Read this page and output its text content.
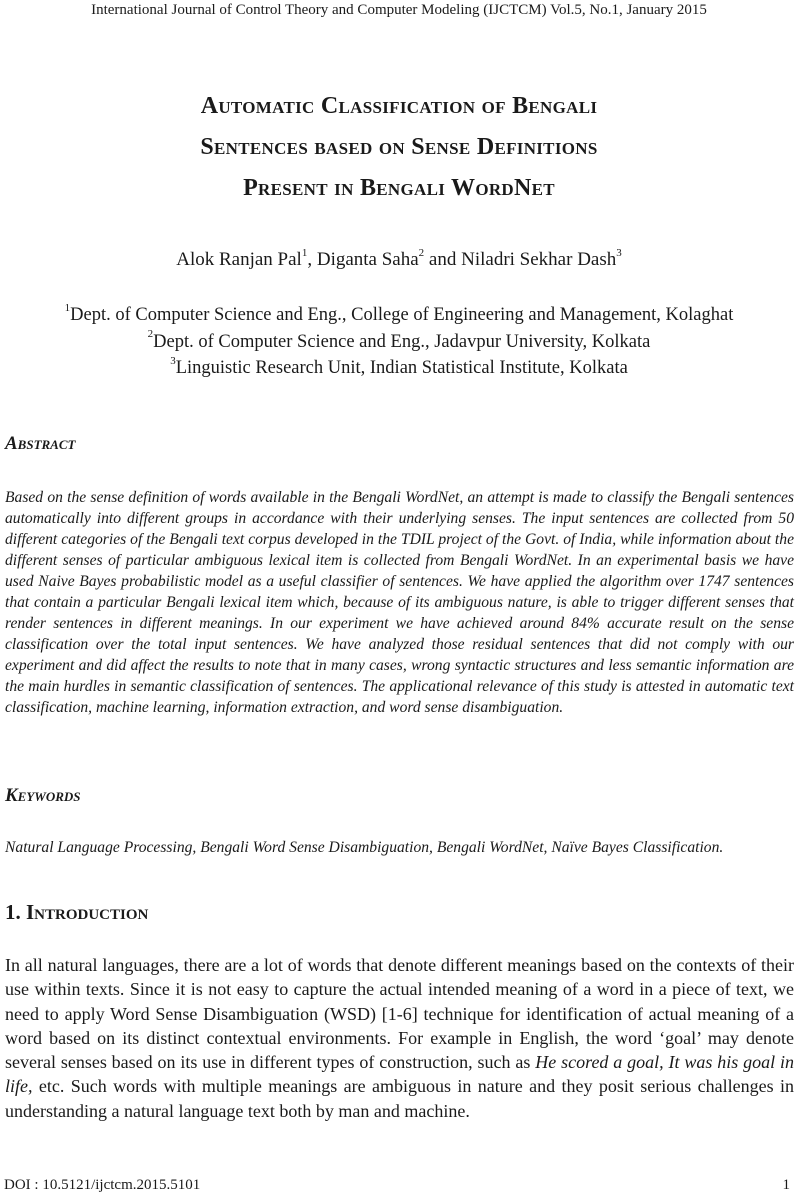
International Journal of Control Theory and Computer Modeling (IJCTCM) Vol.5, No.1, January 2015
Automatic Classification of Bengali
Sentences based on Sense Definitions
Present in Bengali WordNet
Alok Ranjan Pal$^1$, Diganta Saha$^2$ and Niladri Sekhar Dash$^3$
$^1$Dept. of Computer Science and Eng., College of Engineering and Management, Kolaghat
$^2$Dept. of Computer Science and Eng., Jadavpur University, Kolkata
$^3$Linguistic Research Unit, Indian Statistical Institute, Kolkata
Abstract
Based on the sense definition of words available in the Bengali WordNet, an attempt is made to classify the Bengali sentences automatically into different groups in accordance with their underlying senses. The input sentences are collected from 50 different categories of the Bengali text corpus developed in the TDIL project of the Govt. of India, while information about the different senses of particular ambiguous lexical item is collected from Bengali WordNet. In an experimental basis we have used Naive Bayes probabilistic model as a useful classifier of sentences. We have applied the algorithm over 1747 sentences that contain a particular Bengali lexical item which, because of its ambiguous nature, is able to trigger different senses that render sentences in different meanings. In our experiment we have achieved around 84% accurate result on the sense classification over the total input sentences. We have analyzed those residual sentences that did not comply with our experiment and did affect the results to note that in many cases, wrong syntactic structures and less semantic information are the main hurdles in semantic classification of sentences. The applicational relevance of this study is attested in automatic text classification, machine learning, information extraction, and word sense disambiguation.
Keywords
Natural Language Processing, Bengali Word Sense Disambiguation, Bengali WordNet, Naïve Bayes Classification.
1. Introduction
In all natural languages, there are a lot of words that denote different meanings based on the contexts of their use within texts. Since it is not easy to capture the actual intended meaning of a word in a piece of text, we need to apply Word Sense Disambiguation (WSD) [1-6] technique for identification of actual meaning of a word based on its distinct contextual environments. For example in English, the word ‘goal’ may denote several senses based on its use in different types of construction, such as He scored a goal, It was his goal in life, etc. Such words with multiple meanings are ambiguous in nature and they posit serious challenges in understanding a natural language text both by man and machine.
DOI : 10.5121/ijctcm.2015.5101	1
